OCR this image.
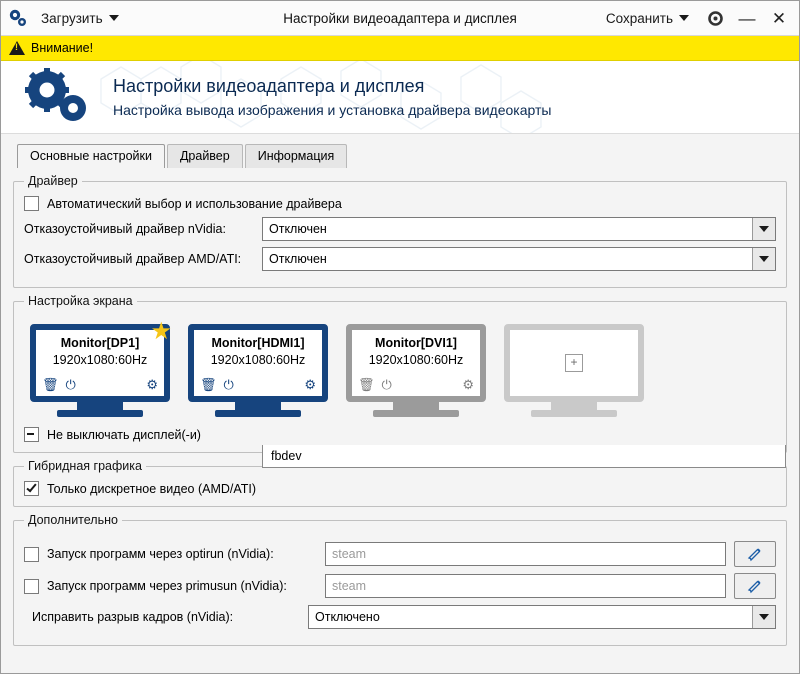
Загрузить	Настройки видеоадаптера и дисплея	Сохранить	— ✕
!
Внимание!
Настройки видеоадаптера и дисплея
Настройка вывода изображения и установка драйвера видеокарты
Основные настройки	Драйвер	Информация
Драйвер
Автоматический выбор и использование драйвера
Отказоустойчивый драйвер nVidia:	Отключен
Отказоустойчивый драйвер AMD/ATI:	Отключен
fbdev
Настройка экрана
★
Monitor[DP1]
1920x1080:60Hz
🗑 ⏻	⚙
Monitor[HDMI1]
1920x1080:60Hz
🗑 ⏻	⚙
Monitor[DVI1]
1920x1080:60Hz
🗑 ⏻	⚙
+
Не выключать дисплей(-и)
Гибридная графика
Только дискретное видео (AMD/ATI)
Дополнительно
Запуск программ через optirun (nVidia):	steam
Запуск программ через primusun (nVidia):	steam
Исправить разрыв кадров (nVidia):	Отключено
